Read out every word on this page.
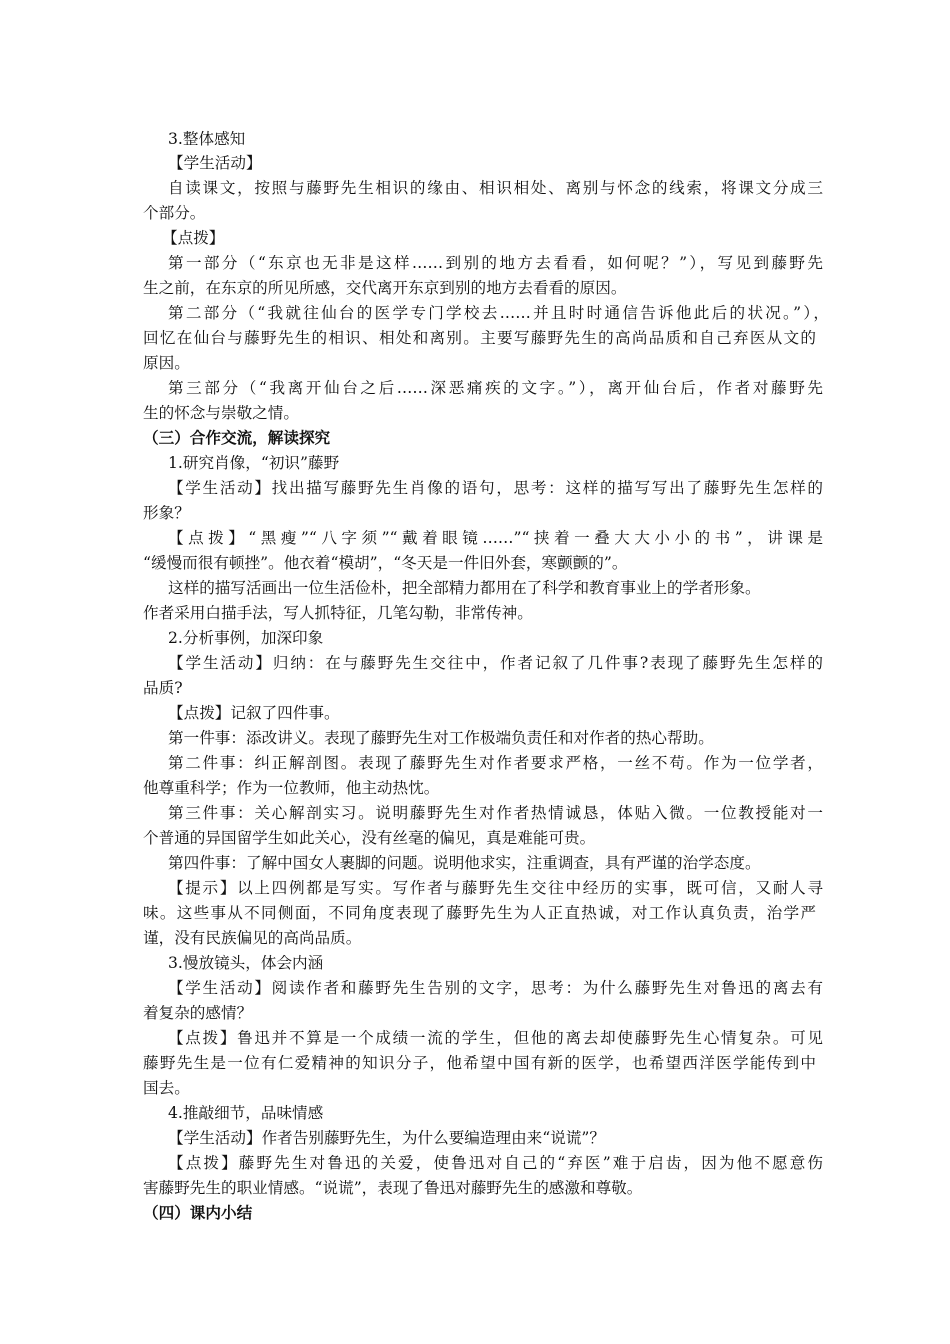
3.整体感知
【学生活动】
自读课文，按照与藤野先生相识的缘由、相识相处、离别与怀念的线索，将课文分成三
个部分。
【点拨】
第一部分（“东京也无非是这样……到别的地方去看看，如何呢？”），写见到藤野先
生之前，在东京的所见所感，交代离开东京到别的地方去看看的原因。
第二部分（“我就往仙台的医学专门学校去……并且时时通信告诉他此后的状况。”），
回忆在仙台与藤野先生的相识、相处和离别。主要写藤野先生的高尚品质和自己弃医从文的
原因。
第三部分（“我离开仙台之后……深恶痛疾的文字。”），离开仙台后，作者对藤野先
生的怀念与崇敬之情。
（三）合作交流，解读探究
1.研究肖像，“初识”藤野
【学生活动】找出描写藤野先生肖像的语句，思考：这样的描写写出了藤野先生怎样的
形象？
【点拨】“黑瘦”“八字须”“戴着眼镜……”“挟着一叠大大小小的书”，讲课是
“缓慢而很有顿挫”。他衣着“模胡”，“冬天是一件旧外套，寒颤颤的”。
这样的描写活画出一位生活俭朴，把全部精力都用在了科学和教育事业上的学者形象。
作者采用白描手法，写人抓特征，几笔勾勒，非常传神。
2.分析事例，加深印象
【学生活动】归纳：在与藤野先生交往中，作者记叙了几件事?表现了藤野先生怎样的
品质?
【点拨】记叙了四件事。
第一件事：添改讲义。表现了藤野先生对工作极端负责任和对作者的热心帮助。
第二件事：纠正解剖图。表现了藤野先生对作者要求严格，一丝不苟。作为一位学者，
他尊重科学；作为一位教师，他主动热忱。
第三件事：关心解剖实习。说明藤野先生对作者热情诚恳，体贴入微。一位教授能对一
个普通的异国留学生如此关心，没有丝毫的偏见，真是难能可贵。
第四件事：了解中国女人裹脚的问题。说明他求实，注重调查，具有严谨的治学态度。
【提示】以上四例都是写实。写作者与藤野先生交往中经历的实事，既可信，又耐人寻
味。这些事从不同侧面，不同角度表现了藤野先生为人正直热诚，对工作认真负责，治学严
谨，没有民族偏见的高尚品质。
3.慢放镜头，体会内涵
【学生活动】阅读作者和藤野先生告别的文字，思考：为什么藤野先生对鲁迅的离去有
着复杂的感情？
【点拨】鲁迅并不算是一个成绩一流的学生，但他的离去却使藤野先生心情复杂。可见
藤野先生是一位有仁爱精神的知识分子，他希望中国有新的医学，也希望西洋医学能传到中
国去。
4.推敲细节，品味情感
【学生活动】作者告别藤野先生，为什么要编造理由来“说谎”？
【点拨】藤野先生对鲁迅的关爱，使鲁迅对自己的“弃医”难于启齿，因为他不愿意伤
害藤野先生的职业情感。“说谎”，表现了鲁迅对藤野先生的感激和尊敬。
（四）课内小结
